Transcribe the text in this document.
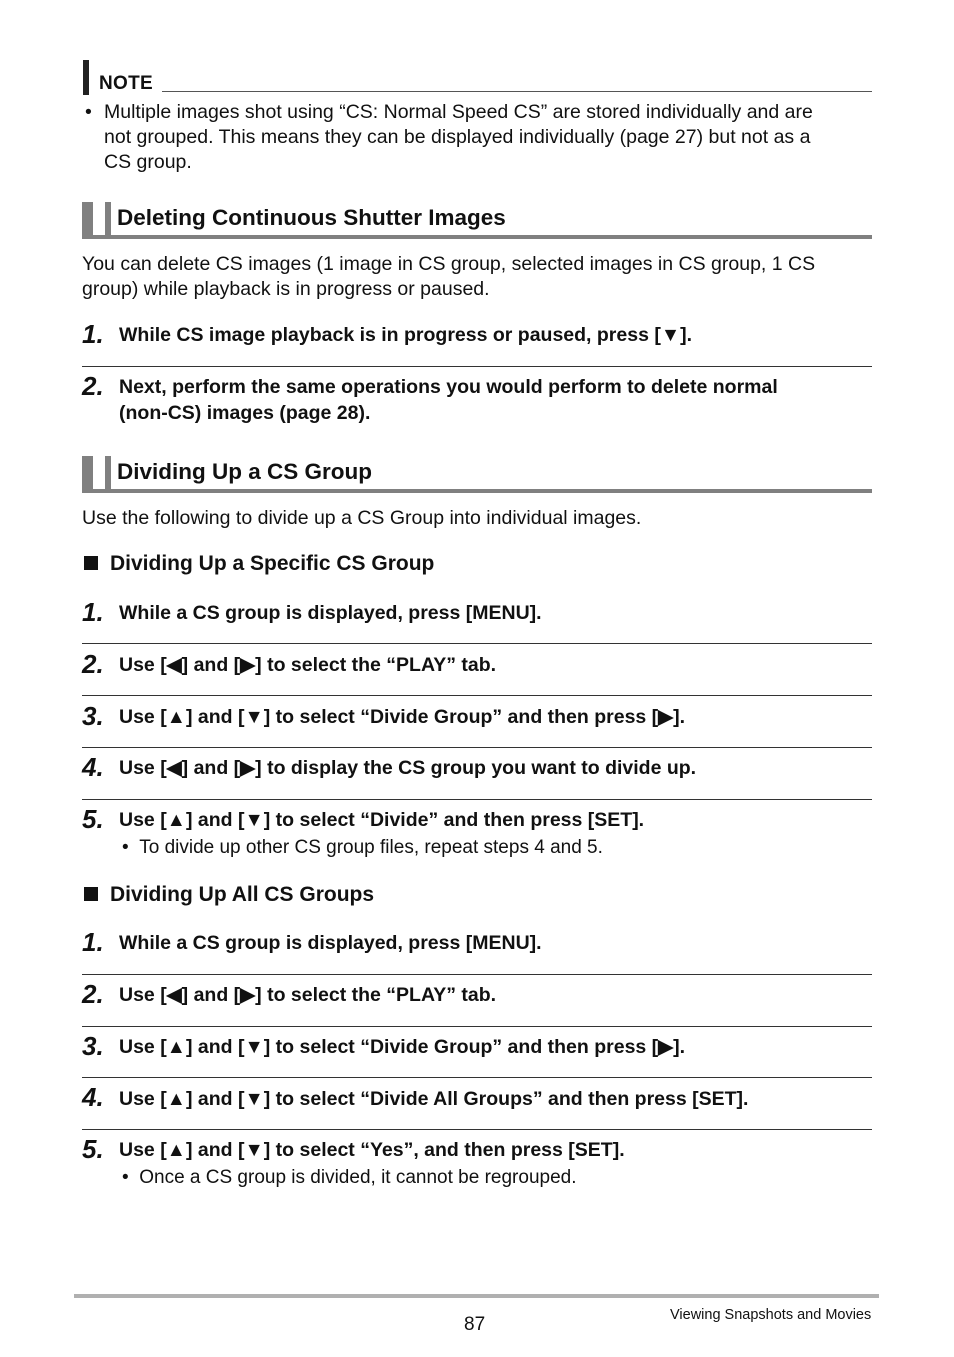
NOTE
• Multiple images shot using “CS: Normal Speed CS” are stored individually and are
not grouped. This means they can be displayed individually (page 27) but not as a
CS group.
Deleting Continuous Shutter Images
You can delete CS images (1 image in CS group, selected images in CS group, 1 CS
group) while playback is in progress or paused.
1. While CS image playback is in progress or paused, press [▼].
2. Next, perform the same operations you would perform to delete normal
(non-CS) images (page 28).
Dividing Up a CS Group
Use the following to divide up a CS Group into individual images.
Dividing Up a Specific CS Group
1. While a CS group is displayed, press [MENU].
2. Use [◀] and [▶] to select the “PLAY” tab.
3. Use [▲] and [▼] to select “Divide Group” and then press [▶].
4. Use [◀] and [▶] to display the CS group you want to divide up.
5. Use [▲] and [▼] to select “Divide” and then press [SET].
• To divide up other CS group files, repeat steps 4 and 5.
Dividing Up All CS Groups
1. While a CS group is displayed, press [MENU].
2. Use [◀] and [▶] to select the “PLAY” tab.
3. Use [▲] and [▼] to select “Divide Group” and then press [▶].
4. Use [▲] and [▼] to select “Divide All Groups” and then press [SET].
5. Use [▲] and [▼] to select “Yes”, and then press [SET].
• Once a CS group is divided, it cannot be regrouped.
87	Viewing Snapshots and Movies
